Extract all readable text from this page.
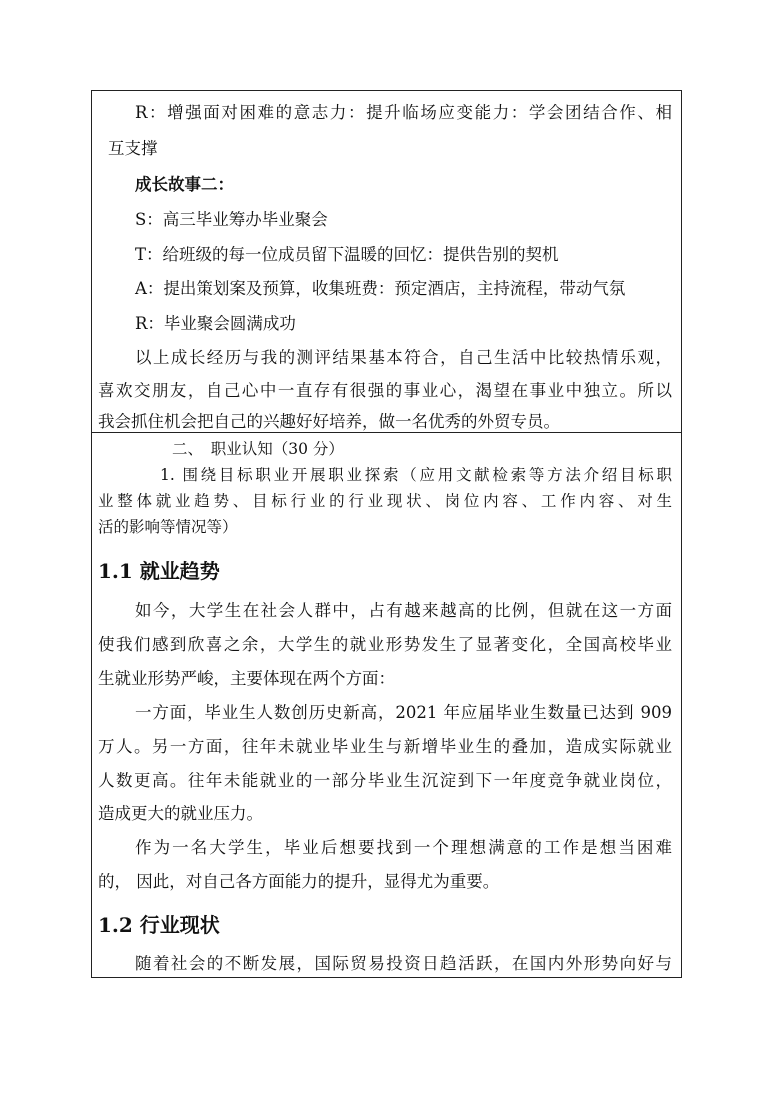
R：增强面对困难的意志力：提升临场应变能力：学会团结合作、相
互支撑
成长故事二：
S：高三毕业筹办毕业聚会
T：给班级的每一位成员留下温暖的回忆：提供告别的契机
A：提出策划案及预算，收集班费：预定酒店，主持流程，带动气氛
R：毕业聚会圆满成功
以上成长经历与我的测评结果基本符合，自己生活中比较热情乐观，
喜欢交朋友，自己心中一直存有很强的事业心，渴望在事业中独立。所以
我会抓住机会把自己的兴趣好好培养，做一名优秀的外贸专员。
二、　职业认知（30 分）
1. 围绕目标职业开展职业探索（应用文献检索等方法介绍目标职
业整体就业趋势、目标行业的行业现状、岗位内容、工作内容、对生
活的影响等情况等）
1.1 就业趋势
如今，大学生在社会人群中，占有越来越高的比例，但就在这一方面
使我们感到欣喜之余，大学生的就业形势发生了显著变化，全国高校毕业
生就业形势严峻，主要体现在两个方面：
一方面，毕业生人数创历史新高，2021 年应届毕业生数量已达到 909
万人。另一方面，往年未就业毕业生与新增毕业生的叠加，造成实际就业
人数更高。往年未能就业的一部分毕业生沉淀到下一年度竞争就业岗位，
造成更大的就业压力。
作为一名大学生，毕业后想要找到一个理想满意的工作是想当困难
的， 因此，对自己各方面能力的提升，显得尤为重要。
1.2 行业现状
随着社会的不断发展，国际贸易投资日趋活跃，在国内外形势向好与
